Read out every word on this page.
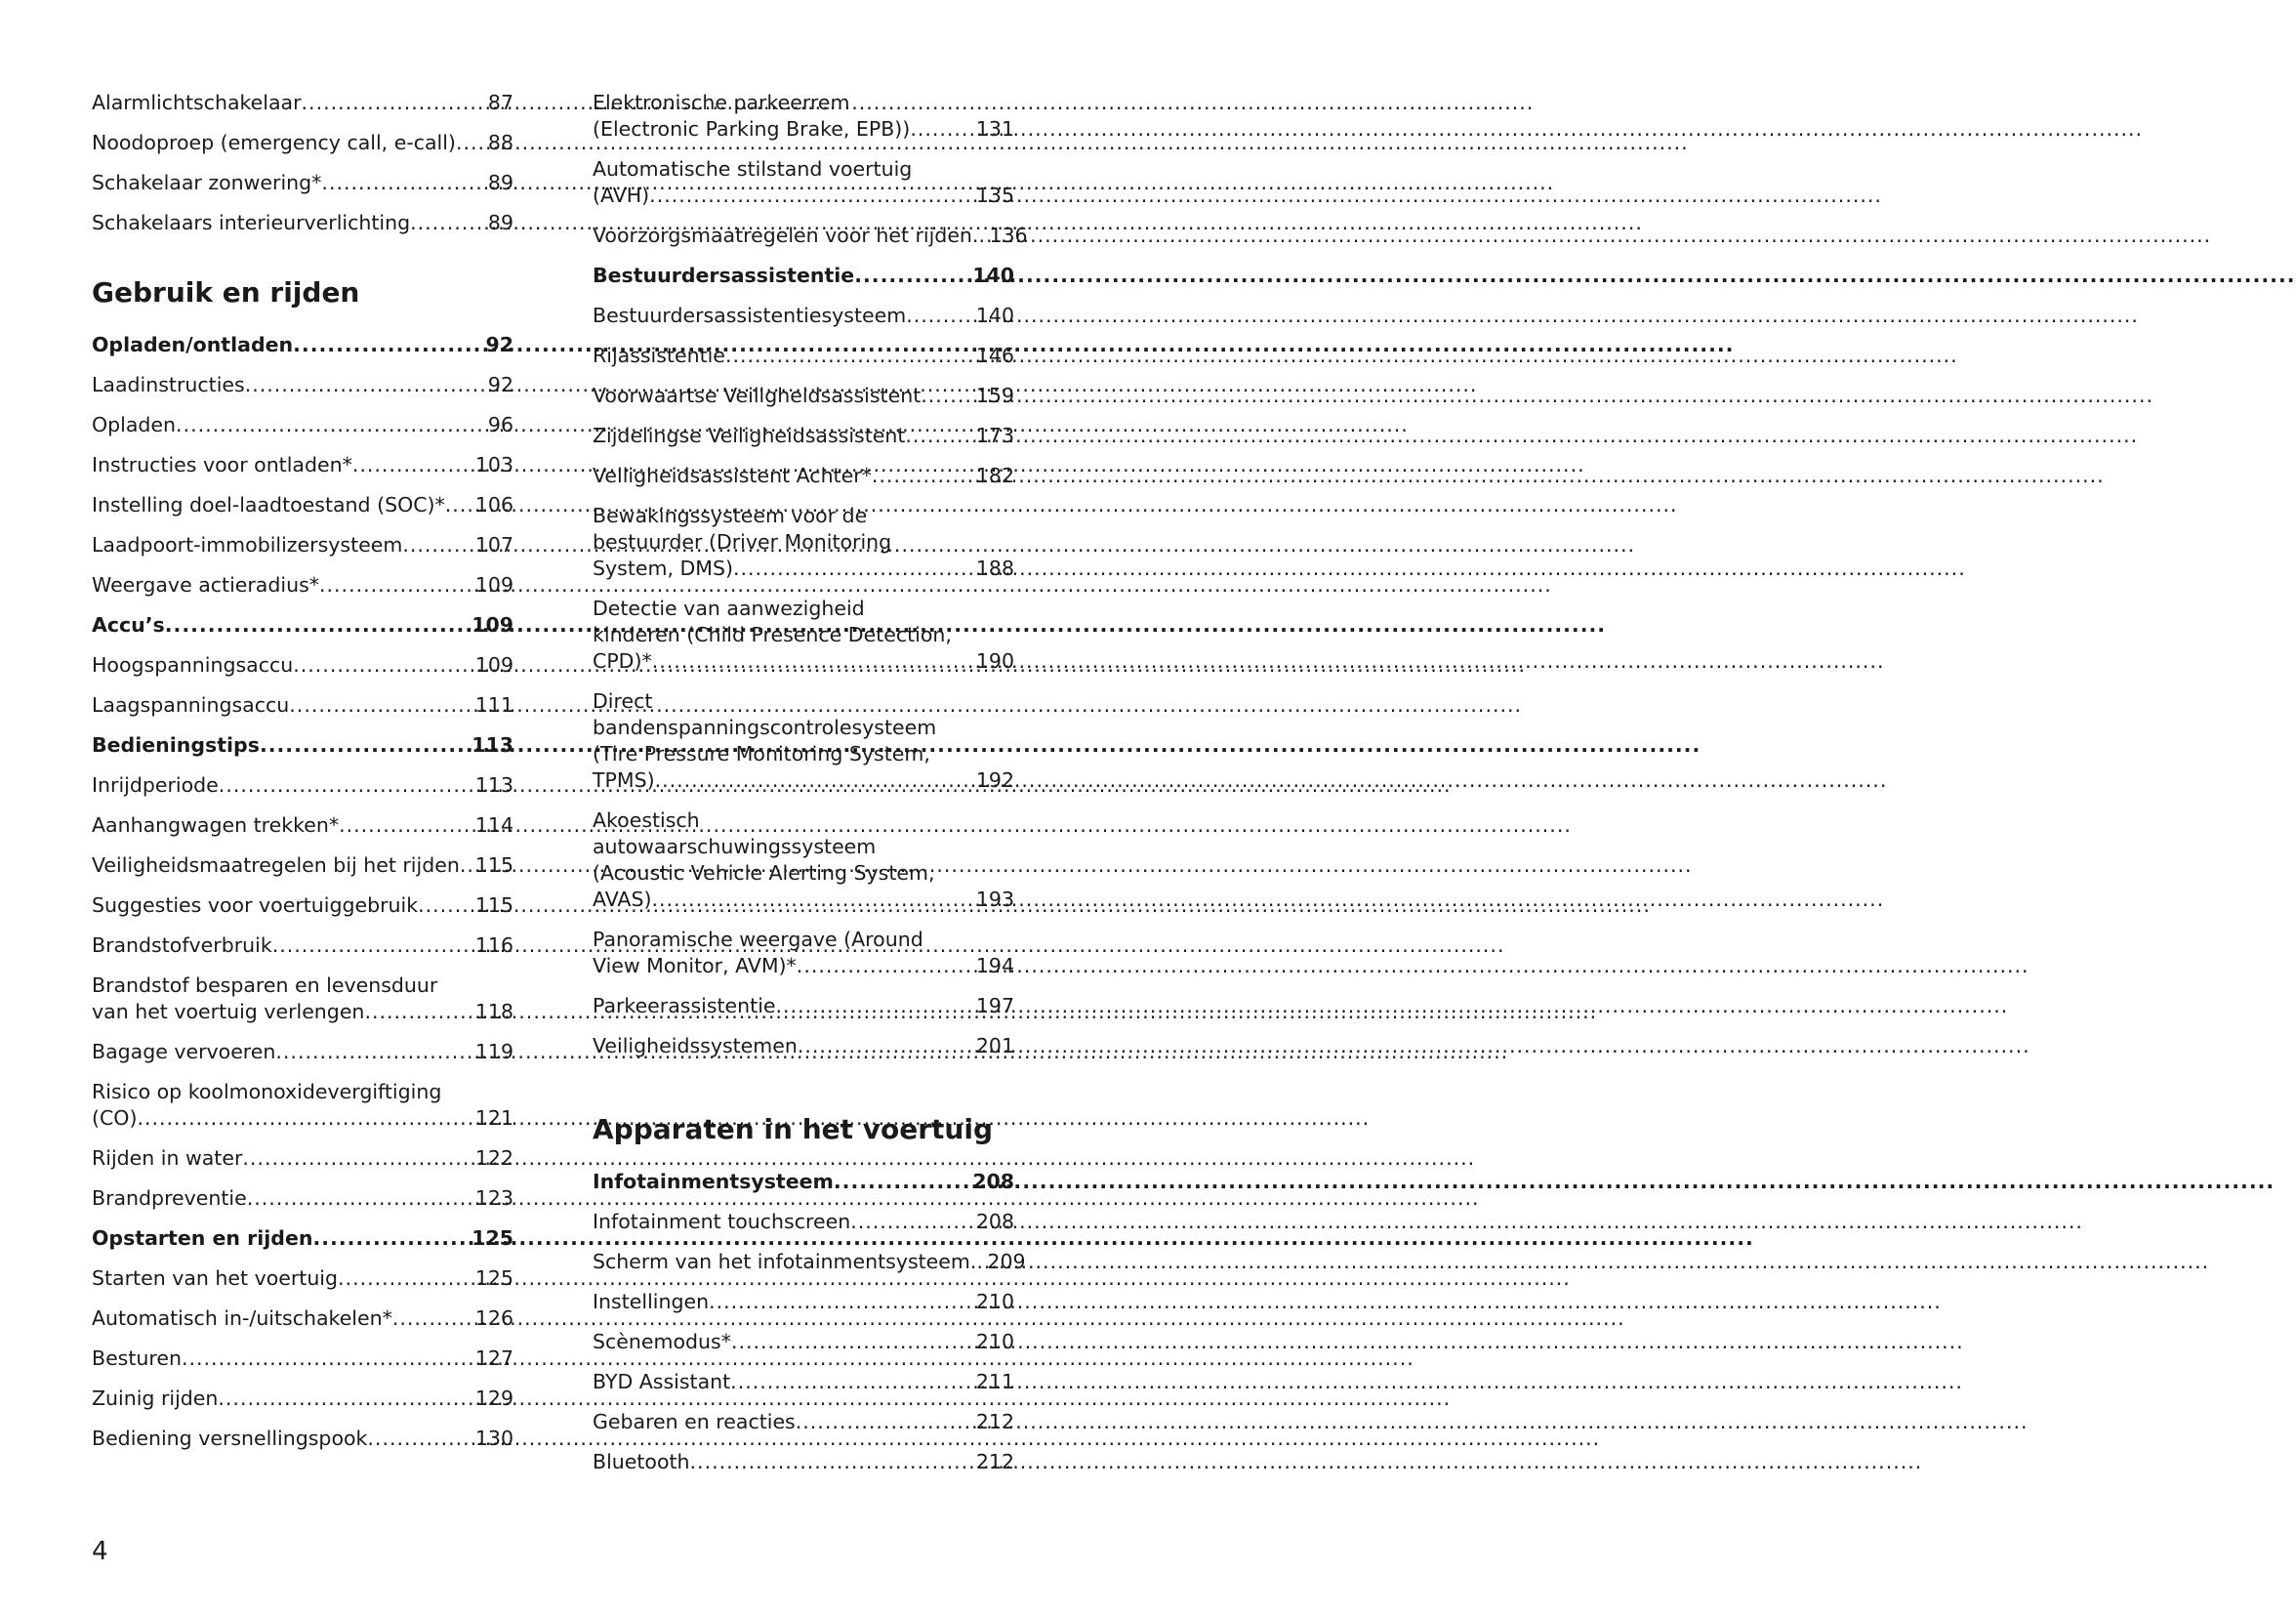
Alarmlichtschakelaar .....	87
Noodoproep (emergency call, e-call) ..... 88
Schakelaar zonwering* .....	89
Schakelaars interieurverlichting .....	89
Gebruik en rijden
Opladen/ontladen .....	92
Laadinstructies .....	92
Opladen .....	96
Instructies voor ontladen* .....	103
Instelling doel-laadtoestand (SOC)* ..... 106
Laadpoort-immobilizersysteem .....	107
Weergave actieradius* .....	109
Accu’s .....	109
Hoogspanningsaccu .....	109
Laagspanningsaccu .....	111
Bedieningstips .....	113
Inrijdperiode .....	113
Aanhangwagen trekken* .....	114
Veiligheidsmaatregelen bij het rijden ..... 115
Suggesties voor voertuiggebruik .....	115
Brandstofverbruik .....	116
Brandstof besparen en levensduur
van het voertuig verlengen .....	118
Bagage vervoeren .....	119
Risico op koolmonoxidevergiftiging
(CO) .....	121
Rijden in water .....	122
Brandpreventie .....	123
Opstarten en rijden .....	125
Starten van het voertuig .....	125
Automatisch in-/uitschakelen* .....	126
Besturen .....	127
Zuinig rijden .....	129
Bediening versnellingspook .....	130
Elektronische parkeerrem
(Electronic Parking Brake, EPB)) .....	131
Automatische stilstand voertuig
(AVH) .....	135
Voorzorgsmaatregelen voor het rijden. ..... 136
Bestuurdersassistentie .....	140
Bestuurdersassistentiesysteem .....	140
Rijassistentie .....	146
Voorwaartse Veiligheidsassistent .....	159
Zijdelingse Veiligheidsassistent .....	173
Veiligheidsassistent Achter* .....	182
Bewakingssysteem voor de
bestuurder (Driver Monitoring
System, DMS) .....	188
Detectie van aanwezigheid
kinderen (Child Presence Detection,
CPD)* .....	190
Direct
bandenspanningscontrolesysteem
(Tire Pressure Monitoring System,
TPMS) .....	192
Akoestisch
autowaarschuwingssysteem
(Acoustic Vehicle Alerting System,
AVAS) .....	193
Panoramische weergave (Around
View Monitor, AVM)* .....	194
Parkeerassistentie .....	197
Veiligheidssystemen .....	201
Apparaten in het voertuig
Infotainmentsysteem .....	208
Infotainment touchscreen .....	208
Scherm van het infotainmentsysteem. ..... 209
Instellingen .....	210
Scènemodus* .....	210
BYD Assistant .....	211
Gebaren en reacties .....	212
Bluetooth .....	212
4
